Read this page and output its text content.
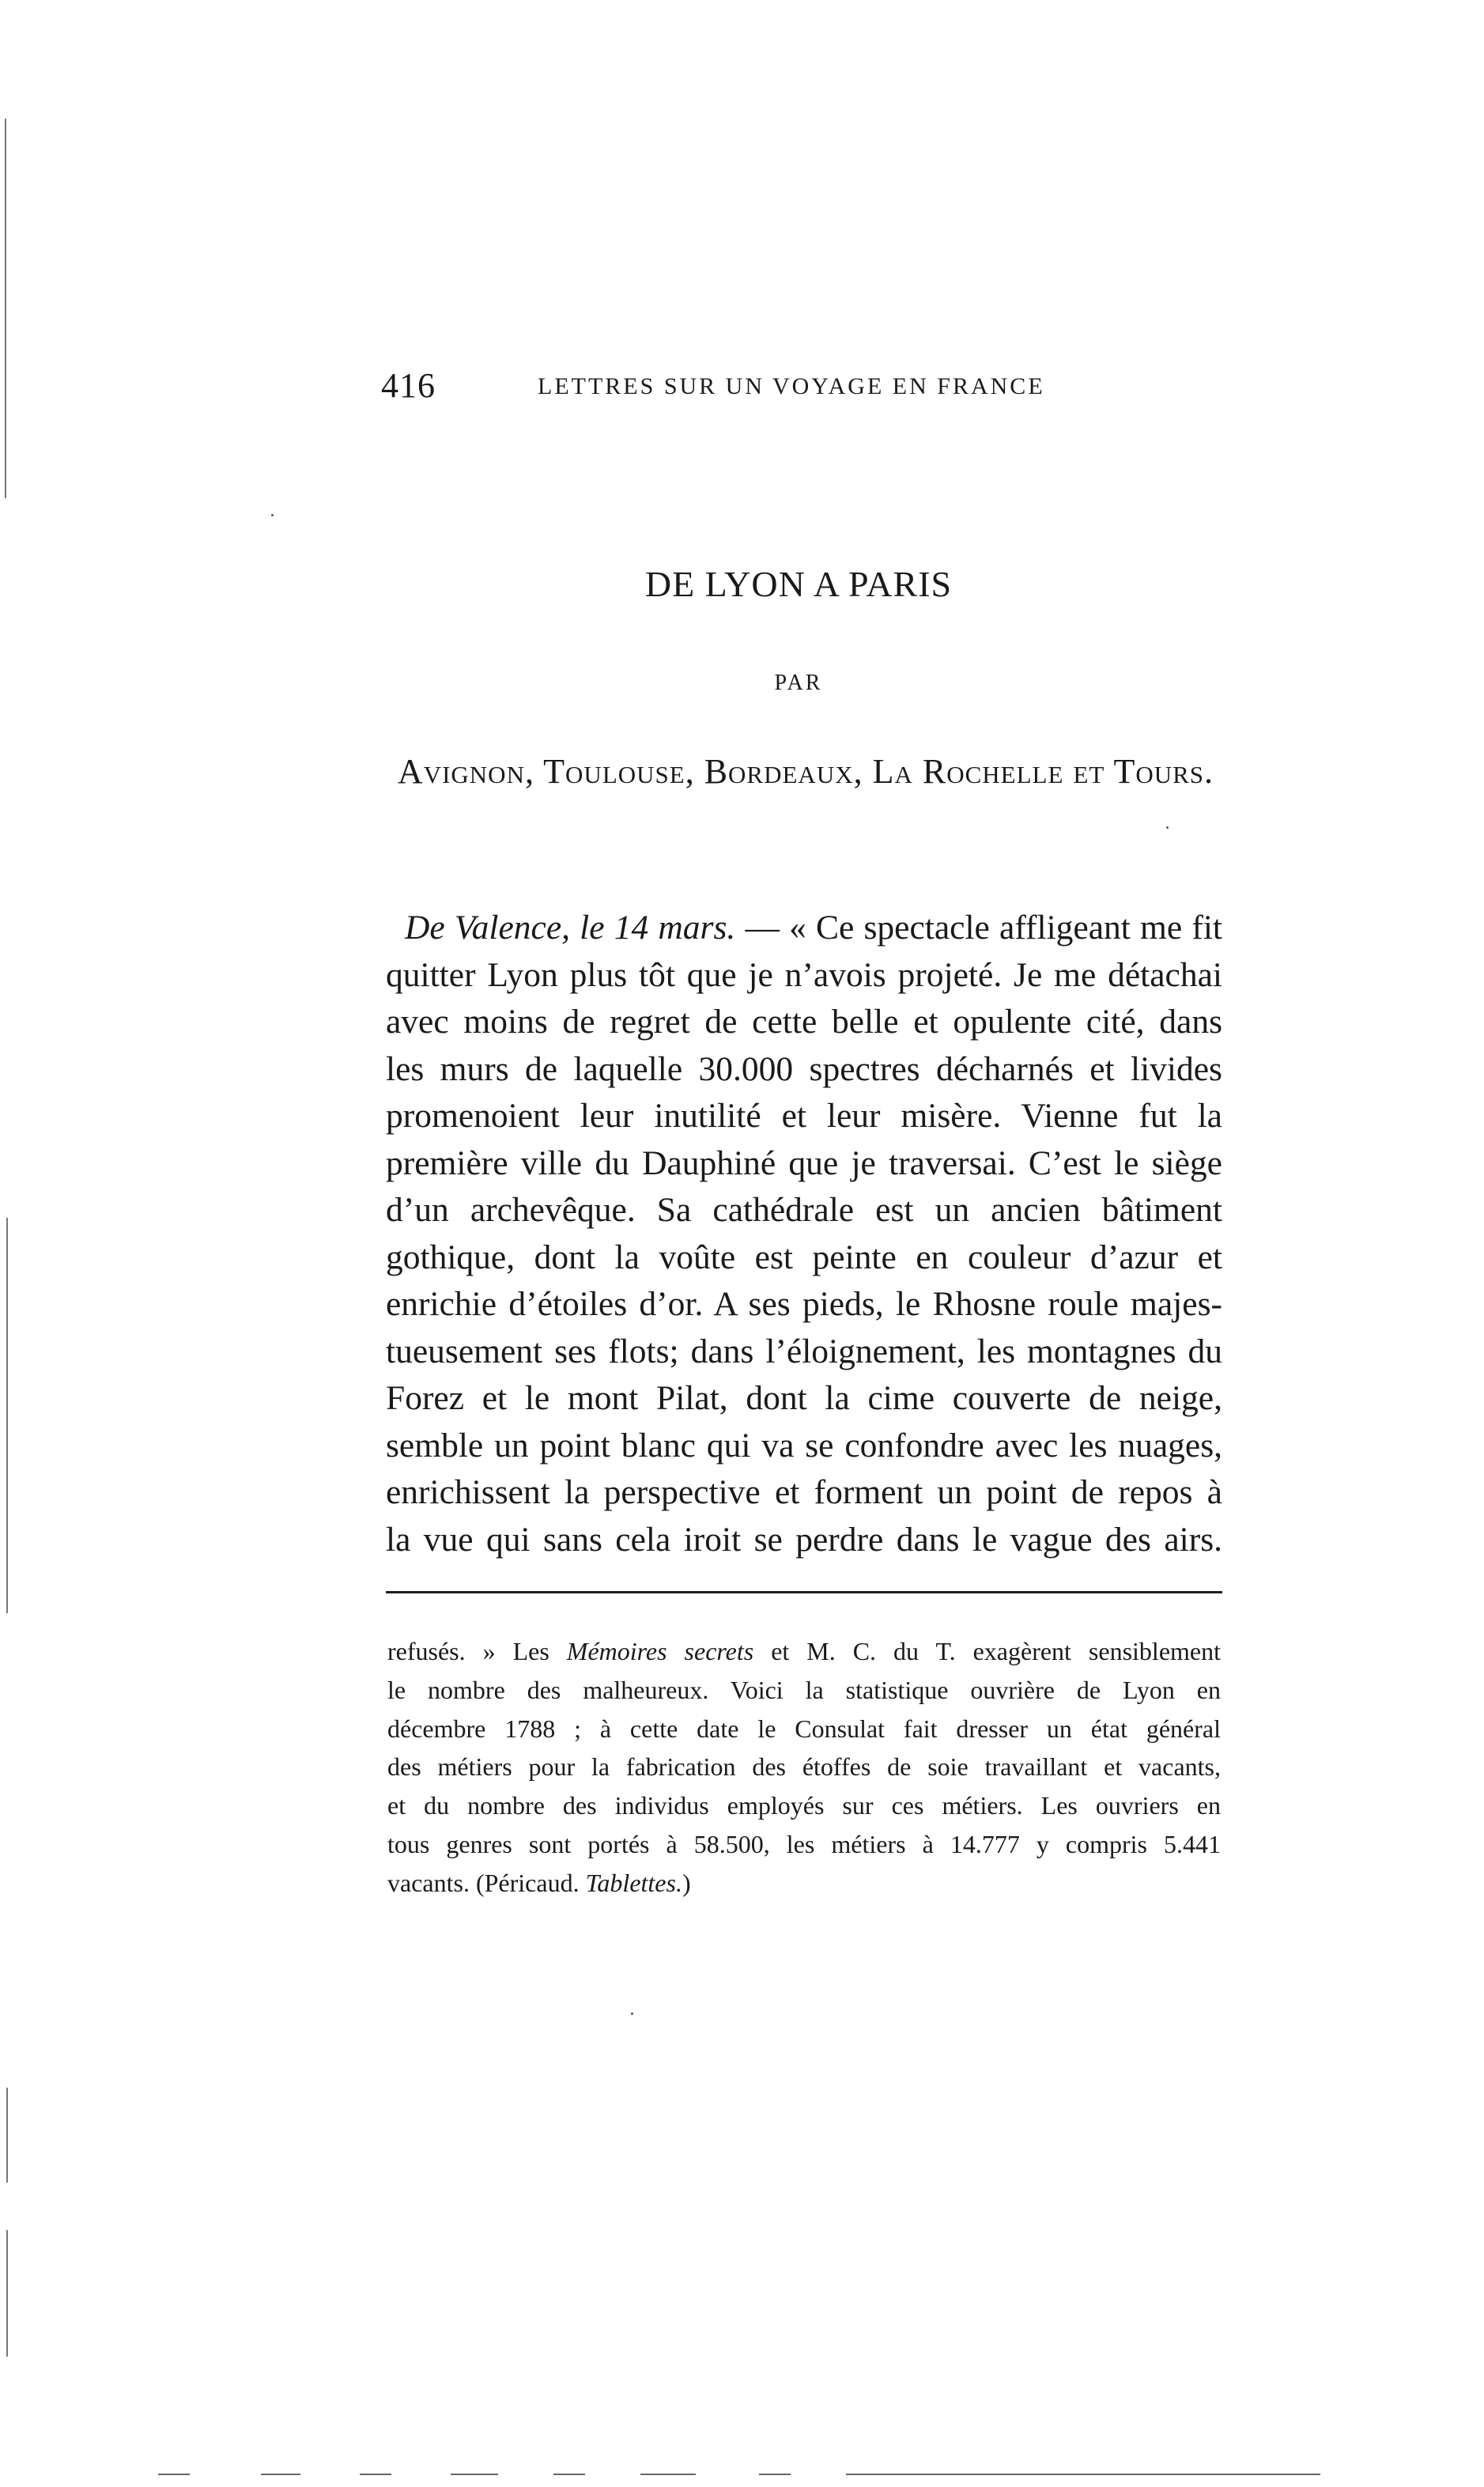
416	LETTRES SUR UN VOYAGE EN FRANCE
DE LYON A PARIS
PAR
Avignon, Toulouse, Bordeaux, La Rochelle et Tours.
De Valence, le 14 mars. — « Ce spectacle affligeant me fit
quitter Lyon plus tôt que je n’avois projeté. Je me détachai
avec moins de regret de cette belle et opulente cité, dans
les murs de laquelle 30.000 spectres décharnés et livides
promenoient leur inutilité et leur misère. Vienne fut la
première ville du Dauphiné que je traversai. C’est le siège
d’un archevêque. Sa cathédrale est un ancien bâtiment
gothique, dont la voûte est peinte en couleur d’azur et
enrichie d’étoiles d’or. A ses pieds, le Rhosne roule majes-
tueusement ses flots; dans l’éloignement, les montagnes du
Forez et le mont Pilat, dont la cime couverte de neige,
semble un point blanc qui va se confondre avec les nuages,
enrichissent la perspective et forment un point de repos à
la vue qui sans cela iroit se perdre dans le vague des airs.
refusés. » Les Mémoires secrets et M. C. du T. exagèrent sensiblement
le nombre des malheureux. Voici la statistique ouvrière de Lyon en
décembre 1788 ; à cette date le Consulat fait dresser un état général
des métiers pour la fabrication des étoffes de soie travaillant et vacants,
et du nombre des individus employés sur ces métiers. Les ouvriers en
tous genres sont portés à 58.500, les métiers à 14.777 y compris 5.441
vacants. (Péricaud. Tablettes.)
